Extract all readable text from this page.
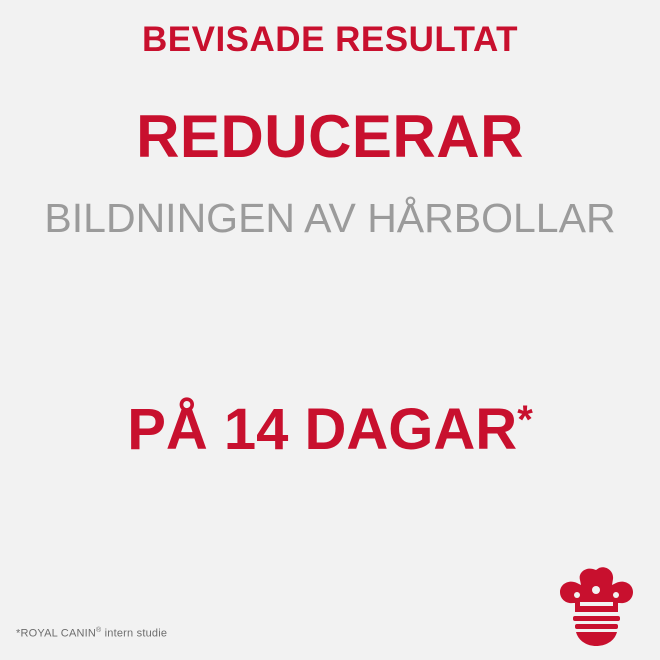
BEVISADE RESULTAT
REDUCERAR
BILDNINGEN AV HÅRBOLLAR
PÅ 14 DAGAR*
*ROYAL CANIN® intern studie
